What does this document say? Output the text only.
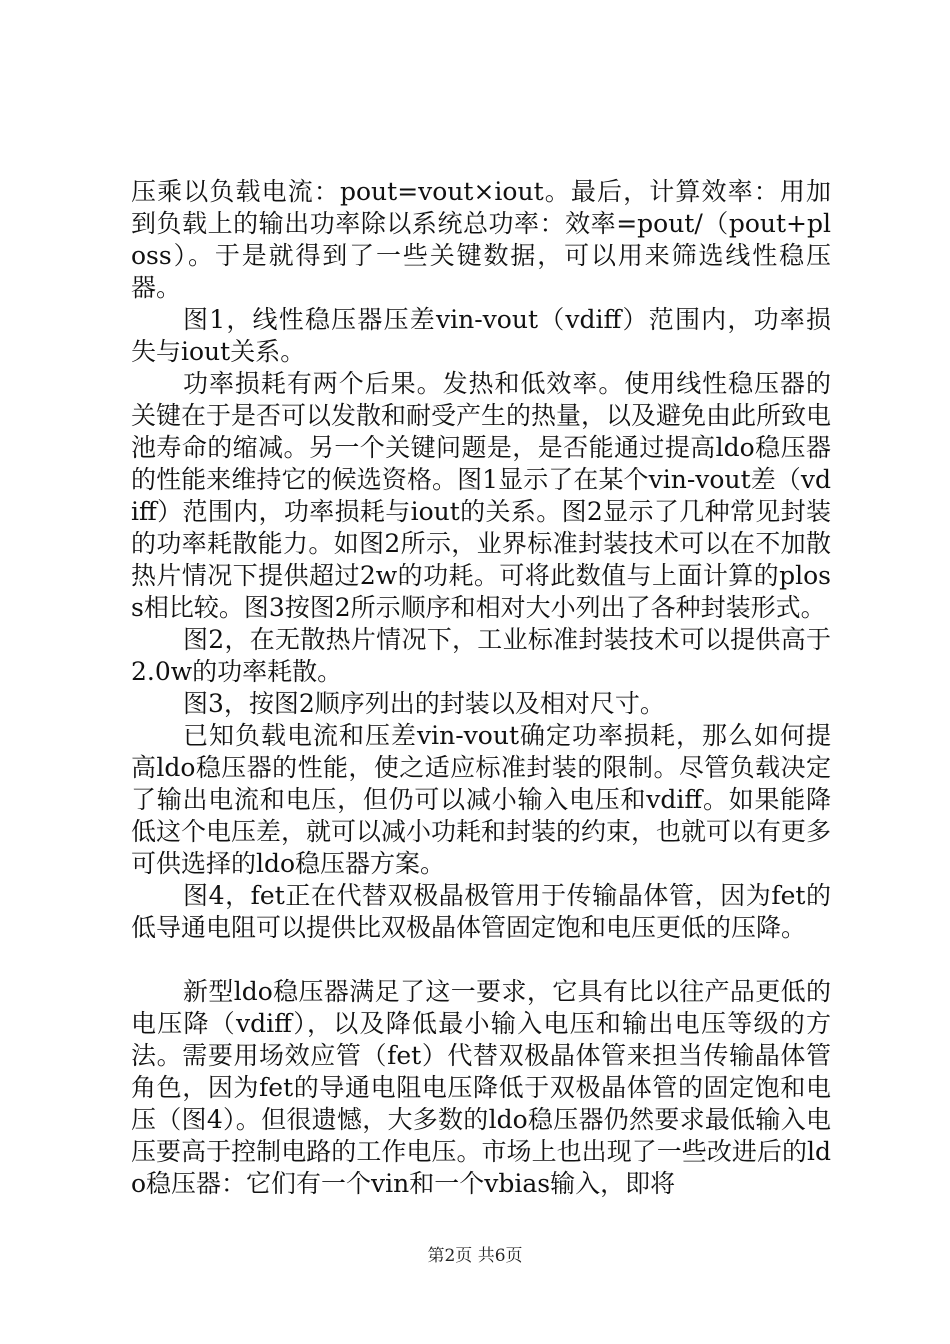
压乘以负载电流：pout=vout×iout。最后，计算效率：用加到负载上的输出功率除以系统总功率：效率=pout/（pout+ploss）。于是就得到了一些关键数据，可以用来筛选线性稳压器。

图1，线性稳压器压差vin-vout（vdiff）范围内，功率损失与iout关系。

功率损耗有两个后果。发热和低效率。使用线性稳压器的关键在于是否可以发散和耐受产生的热量，以及避免由此所致电池寿命的缩减。另一个关键问题是，是否能通过提高ldo稳压器的性能来维持它的候选资格。图1显示了在某个vin-vout差（vdiff）范围内，功率损耗与iout的关系。图2显示了几种常见封装的功率耗散能力。如图2所示，业界标准封装技术可以在不加散热片情况下提供超过2w的功耗。可将此数值与上面计算的ploss相比较。图3按图2所示顺序和相对大小列出了各种封装形式。

图2，在无散热片情况下，工业标准封装技术可以提供高于2.0w的功率耗散。

图3，按图2顺序列出的封装以及相对尺寸。

已知负载电流和压差vin-vout确定功率损耗，那么如何提高ldo稳压器的性能，使之适应标准封装的限制。尽管负载决定了输出电流和电压，但仍可以减小输入电压和vdiff。如果能降低这个电压差，就可以减小功耗和封装的约束，也就可以有更多可供选择的ldo稳压器方案。

图4，fet正在代替双极晶极管用于传输晶体管，因为fet的低导通电阻可以提供比双极晶体管固定饱和电压更低的压降。

新型ldo稳压器满足了这一要求，它具有比以往产品更低的电压降（vdiff），以及降低最小输入电压和输出电压等级的方法。需要用场效应管（fet）代替双极晶体管来担当传输晶体管角色，因为fet的导通电阻电压降低于双极晶体管的固定饱和电压（图4）。但很遗憾，大多数的ldo稳压器仍然要求最低输入电压要高于控制电路的工作电压。市场上也出现了一些改进后的ldo稳压器：它们有一个vin和一个vbias输入，即将

第2页 共6页
